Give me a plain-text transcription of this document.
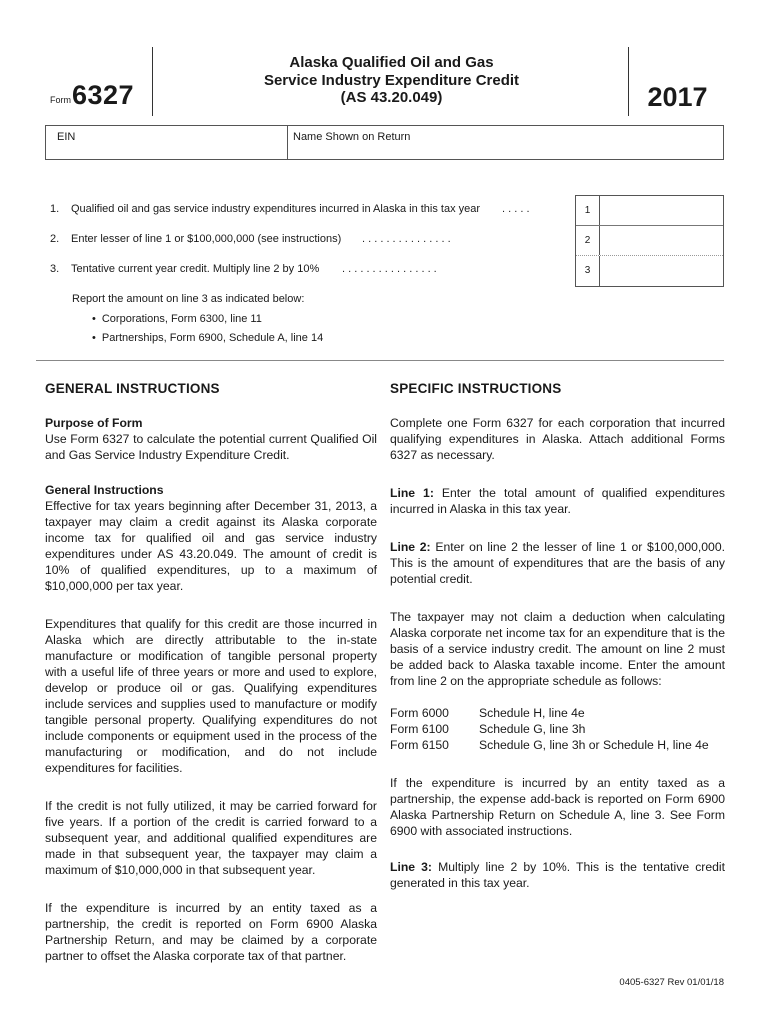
Form 6327
Alaska Qualified Oil and Gas
Service Industry Expenditure Credit
(AS 43.20.049)	2017
EIN	Name Shown on Return
1. Qualified oil and gas service industry expenditures incurred in Alaska in this tax year . . . . .
2. Enter lesser of line 1 or $100,000,000 (see instructions) . . . . . . . . . . . . . . .
3. Tentative current year credit. Multiply line 2 by 10% . . . . . . . . . . . . . . . .
1
2
3
Report the amount on line 3 as indicated below:
• Corporations, Form 6300, line 11
• Partnerships, Form 6900, Schedule A, line 14
GENERAL INSTRUCTIONS
Purpose of Form
Use Form 6327 to calculate the potential current Qualified Oil and Gas Service Industry Expenditure Credit.
General Instructions
Effective for tax years beginning after December 31, 2013, a taxpayer may claim a credit against its Alaska corporate income tax for qualified oil and gas service industry expenditures under AS 43.20.049. The amount of credit is 10% of qualified expenditures, up to a maximum of $10,000,000 per tax year.
Expenditures that qualify for this credit are those incurred in Alaska which are directly attributable to the in-state manufacture or modification of tangible personal property with a useful life of three years or more and used to explore, develop or produce oil or gas. Qualifying expenditures include services and supplies used to manufacture or modify tangible personal property. Qualifying expenditures do not include components or equipment used in the process of the manufacturing or modification, and do not include expenditures for facilities.
If the credit is not fully utilized, it may be carried forward for five years. If a portion of the credit is carried forward to a subsequent year, and additional qualified expenditures are made in that subsequent year, the taxpayer may claim a maximum of $10,000,000 in that subsequent year.
If the expenditure is incurred by an entity taxed as a partnership, the credit is reported on Form 6900 Alaska Partnership Return, and may be claimed by a corporate partner to offset the Alaska corporate tax of that partner.
SPECIFIC INSTRUCTIONS
Complete one Form 6327 for each corporation that incurred qualifying expenditures in Alaska. Attach additional Forms 6327 as necessary.
Line 1: Enter the total amount of qualified expenditures incurred in Alaska in this tax year.
Line 2: Enter on line 2 the lesser of line 1 or $100,000,000. This is the amount of expenditures that are the basis of any potential credit.
The taxpayer may not claim a deduction when calculating Alaska corporate net income tax for an expenditure that is the basis of a service industry credit. The amount on line 2 must be added back to Alaska taxable income. Enter the amount from line 2 on the appropriate schedule as follows:
Form 6000	Schedule H, line 4e
Form 6100	Schedule G, line 3h
Form 6150	Schedule G, line 3h or Schedule H, line 4e
If the expenditure is incurred by an entity taxed as a partnership, the expense add-back is reported on Form 6900 Alaska Partnership Return on Schedule A, line 3. See Form 6900 with associated instructions.
Line 3: Multiply line 2 by 10%. This is the tentative credit generated in this tax year.
0405-6327 Rev 01/01/18
